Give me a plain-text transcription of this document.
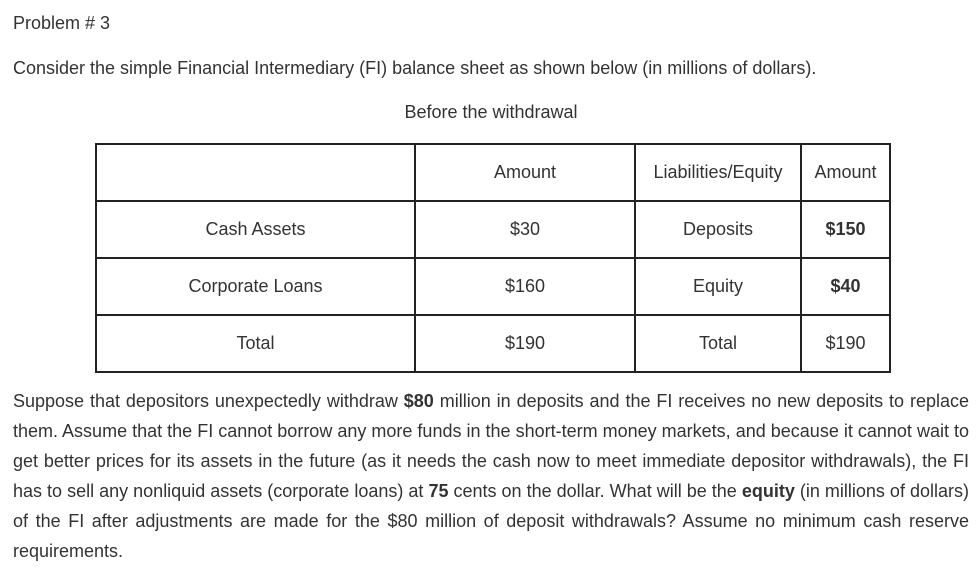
Problem # 3

Consider the simple Financial Intermediary (FI) balance sheet as shown below (in millions of dollars).

Before the withdrawal

	Amount	Liabilities/Equity	Amount
Cash Assets	$30	Deposits	$150
Corporate Loans	$160	Equity	$40
Total	$190	Total	$190

Suppose that depositors unexpectedly withdraw $80 million in deposits and the FI receives no new deposits to replace them. Assume that the FI cannot borrow any more funds in the short-term money markets, and because it cannot wait to get better prices for its assets in the future (as it needs the cash now to meet immediate depositor withdrawals), the FI has to sell any nonliquid assets (corporate loans) at 75 cents on the dollar. What will be the equity (in millions of dollars) of the FI after adjustments are made for the $80 million of deposit withdrawals? Assume no minimum cash reserve requirements.
